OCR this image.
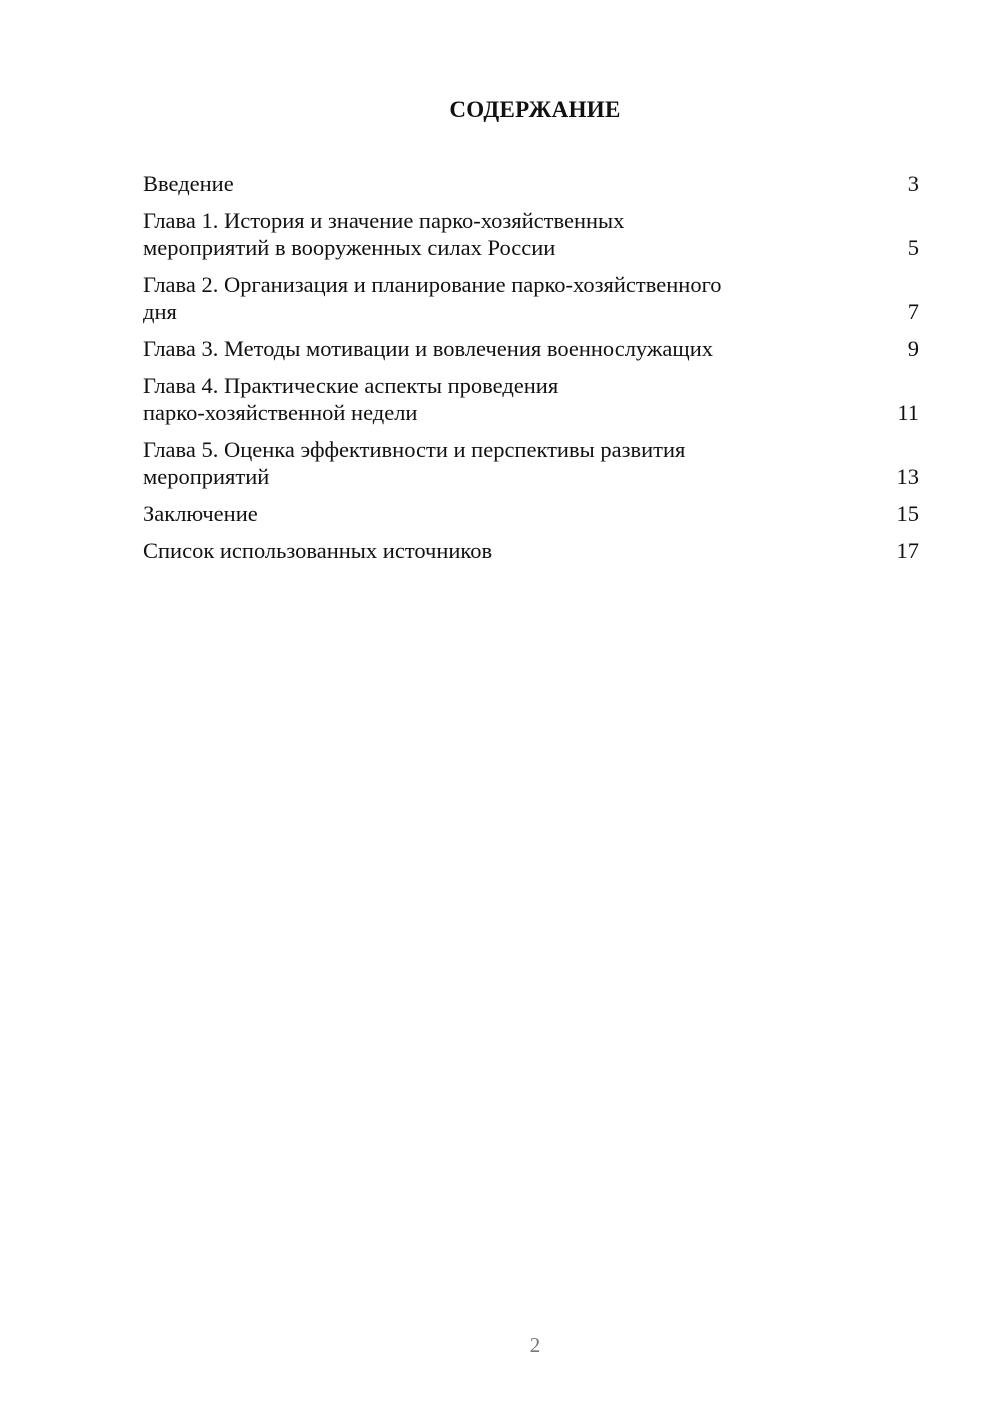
СОДЕРЖАНИЕ
Введение	3
Глава 1. История и значение парко-хозяйственных
мероприятий в вооруженных силах России	5
Глава 2. Организация и планирование парко-хозяйственного
дня	7
Глава 3. Методы мотивации и вовлечения военнослужащих	9
Глава 4. Практические аспекты проведения
парко-хозяйственной недели	11
Глава 5. Оценка эффективности и перспективы развития
мероприятий	13
Заключение	15
Список использованных источников	17
2
